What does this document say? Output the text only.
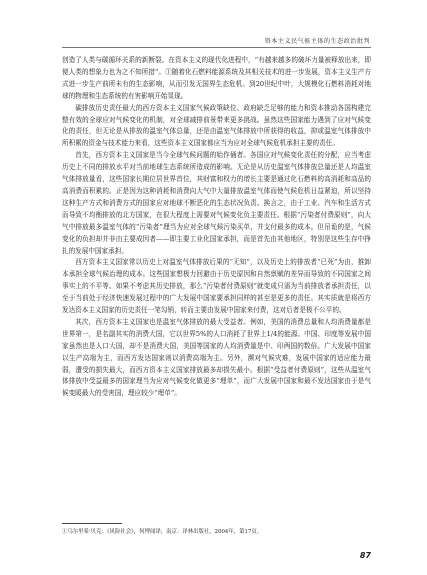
资本主义民气候主体的生态政治批判

创造了人类与碳循环关系的新断裂。在资本主义的现代化进程中，“有越来越多的破坏力量被释放出来，即便人类的想象力也为之不知所措”。①随着化石燃料能源系统及其相关技术的进一步发展，资本主义生产方式进一步生产前所未有的生态影响，从而引发无国界生态危机。到20世纪中叶，大规模化石燃料消耗对地球的物理和生态系统的有害影响开始显现。

碳排放历史责任最大的西方资本主义国家气候政策缺位、政府缺乏足够的能力和资本推动各国构建完整有效的全球应对气候变化的机制，对全球减排前景带来更多挑战。虽然这些国家能力遇到了应对气候变化的责任，但无论是从排放的温室气体总量，还是由温室气体排放中所获得的收益，抑或温室气体排放中所积累的资金与技术能力来看，这些资本主义国家都应当为应对全球气候危机承担主要的责任。

首先，西方资本主义国家是当今全球气候问题的始作俑者。各国应对气候变化责任的分配，应当考虑历史上不同的排放水平对当前地球生态系统所造成的影响。无论是从历史温室气体排放总量还是人均温室气体排放量看，这些国家长期位居世界首位，其财富和权力的增长主要是通过化石燃料的高消耗和高品的高消费而积累的。正是因为这种消耗和消费向大气中大量排放温室气体而使气候危机日益紧迫，所以坚持这种生产方式和消费方式的国家应对地球不断恶化的生态状况负责。换言之，由于工业、汽车和生活方式而导致不均衡排放的北方国家，在很大程度上需要对气候变化负主要责任。根据“污染者付费原则”，向大气中排放最多温室气体的“污染者”理当为应对全球气候污染买单，并支付最多的成本。但吊诡的是，气候变化的负担却并非由主要成因者——即主要工业化国家承担，而是首先由其他地区，特别是这些生存中挣扎的发展中国家承担。

西方资本主义国家常以历史上对温室气体排放后果的“无知”，以及历史上的排放者“已死”为由，推卸本承担全球气候治理的成本。这些国家想极力回避由于历史原因和自然禀赋的差异而导致的不同国家之间事实上的不平等。如果不考虑其历史排放，那么“污染者付费原则”就变成只需为当前排放者承担责任，以至于当前处于经济快速发展过程中的广大发展中国家要承担同样的甚至是更多的责任。其实质就是将西方发达资本主义国家的历史责任一笔勾销，转而主要由发展中国家来付费，这对后者是极不公平的。

其次，西方资本主义国家也是温室气体排放的最大受益者。例如，美国的消费总量和人均消费量都是世界第一，是名副其实的消费大国，它以世界5%的人口消耗了世界上1/4的能源。中国、印度等发展中国家虽然也是人口大国，却不是消费大国，美国等国家的人均消费量是中、印两国的数倍。广大发展中国家以生产高端为主，而西方发达国家则以消费高端为主。另外，濒对气候灾难，发展中国家的适应能力最弱，遭受的损失最大，而西方资本主义国家排放最多却损失最小。根据“受益者付费原则”，这些从温室气体排放中受益最多的国家理当为应对气候变化做更多“埋单”，而广大发展中国家和最不发达国家由于是气候变暖最大的受害国，理应较少“埋单”。

①乌尔里希·贝克：《风险社会》，何博闻译，南京：译林出版社，2004年，第17页。
87
